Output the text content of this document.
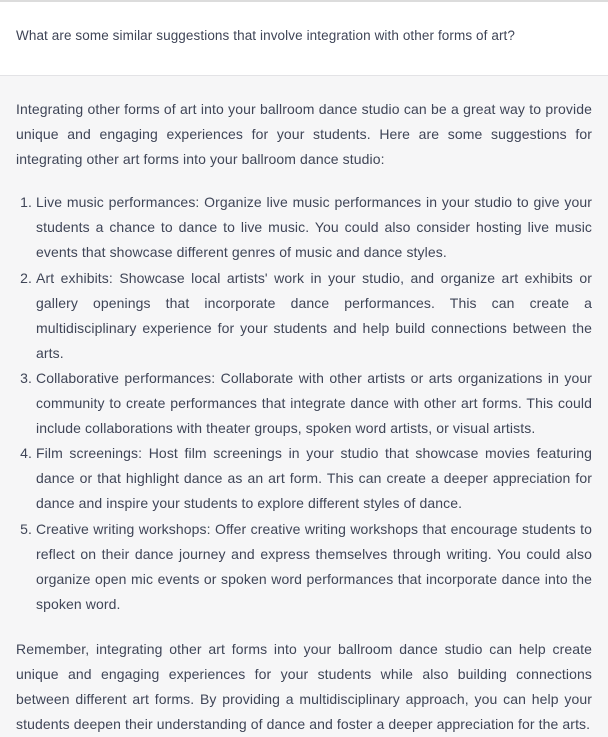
What are some similar suggestions that involve integration with other forms of art?

Integrating other forms of art into your ballroom dance studio can be a great way to provide unique and engaging experiences for your students. Here are some suggestions for integrating other art forms into your ballroom dance studio:

1. Live music performances: Organize live music performances in your studio to give your students a chance to dance to live music. You could also consider hosting live music events that showcase different genres of music and dance styles.
2. Art exhibits: Showcase local artists' work in your studio, and organize art exhibits or gallery openings that incorporate dance performances. This can create a multidisciplinary experience for your students and help build connections between the arts.
3. Collaborative performances: Collaborate with other artists or arts organizations in your community to create performances that integrate dance with other art forms. This could include collaborations with theater groups, spoken word artists, or visual artists.
4. Film screenings: Host film screenings in your studio that showcase movies featuring dance or that highlight dance as an art form. This can create a deeper appreciation for dance and inspire your students to explore different styles of dance.
5. Creative writing workshops: Offer creative writing workshops that encourage students to reflect on their dance journey and express themselves through writing. You could also organize open mic events or spoken word performances that incorporate dance into the spoken word.

Remember, integrating other art forms into your ballroom dance studio can help create unique and engaging experiences for your students while also building connections between different art forms. By providing a multidisciplinary approach, you can help your students deepen their understanding of dance and foster a deeper appreciation for the arts.
